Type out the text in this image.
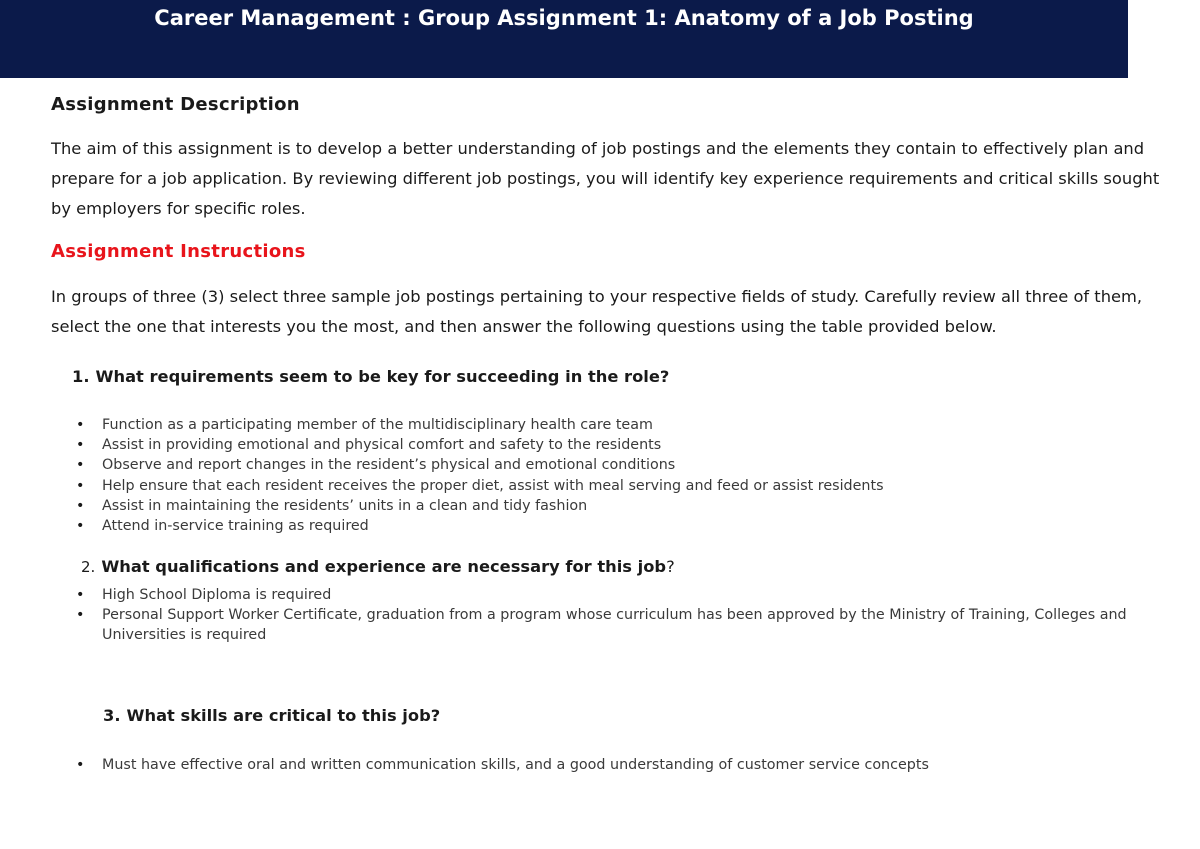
Career Management : Group Assignment 1: Anatomy of a Job Posting
Assignment Description
The aim of this assignment is to develop a better understanding of job postings and the elements they contain to effectively plan and prepare for a job application. By reviewing different job postings, you will identify key experience requirements and critical skills sought by employers for specific roles.
Assignment Instructions
In groups of three (3) select three sample job postings pertaining to your respective fields of study. Carefully review all three of them, select the one that interests you the most, and then answer the following questions using the table provided below.
1. What requirements seem to be key for succeeding in the role?
• Function as a participating member of the multidisciplinary health care team
• Assist in providing emotional and physical comfort and safety to the residents
• Observe and report changes in the resident’s physical and emotional conditions
• Help ensure that each resident receives the proper diet, assist with meal serving and feed or assist residents
• Assist in maintaining the residents’ units in a clean and tidy fashion
• Attend in-service training as required
2. What qualifications and experience are necessary for this job?
• High School Diploma is required
• Personal Support Worker Certificate, graduation from a program whose curriculum has been approved by the Ministry of Training, Colleges and Universities is required
3. What skills are critical to this job?
• Must have effective oral and written communication skills, and a good understanding of customer service concepts
